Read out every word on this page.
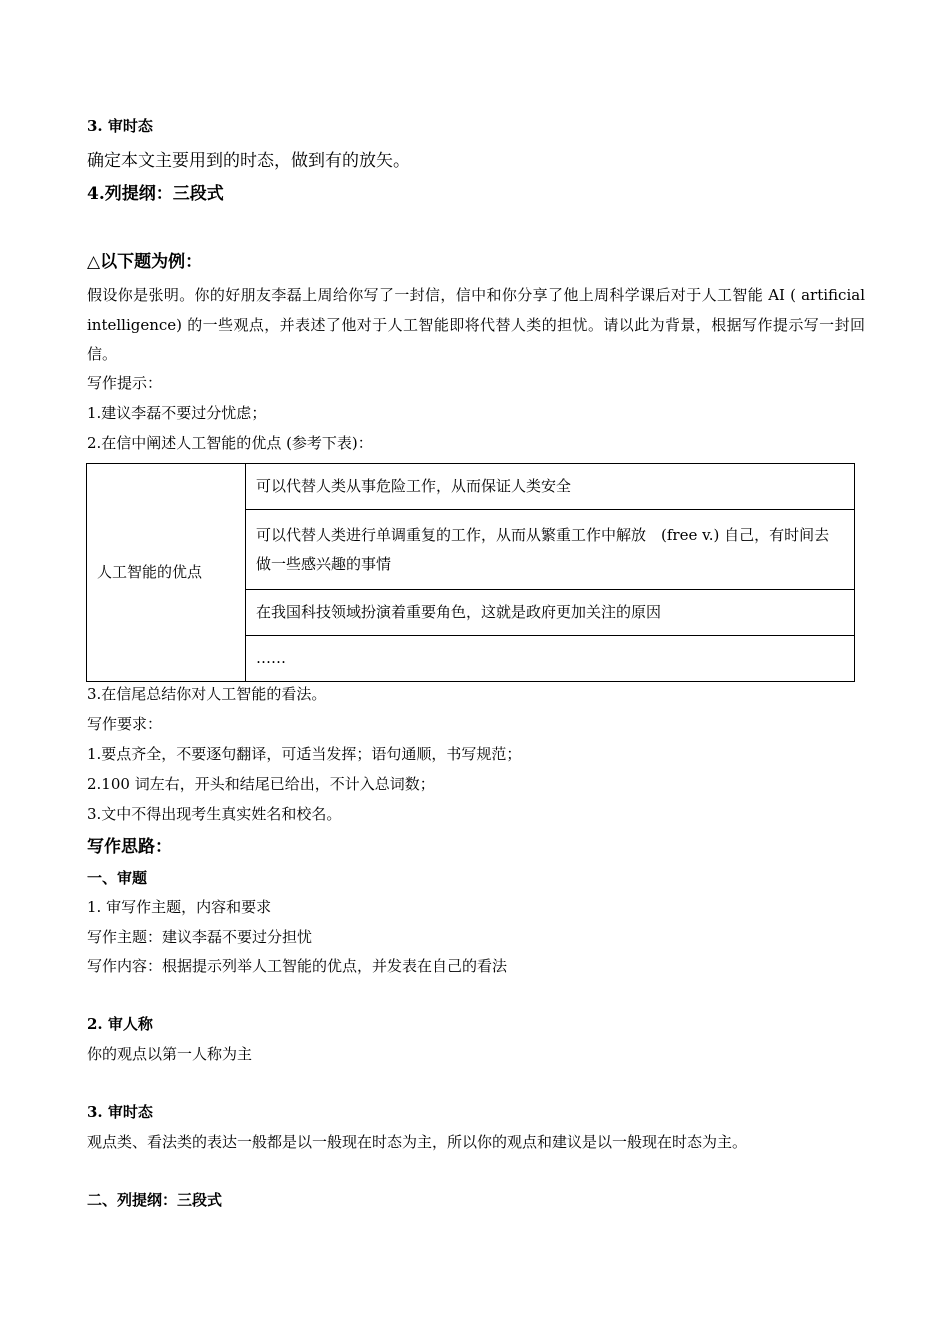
3. 审时态
确定本文主要用到的时态，做到有的放矢。
4.列提纲：三段式
△以下题为例：
假设你是张明。你的好朋友李磊上周给你写了一封信，信中和你分享了他上周科学课后对于人工智能 AI ( artificial intelligence) 的一些观点，并表述了他对于人工智能即将代替人类的担忧。请以此为背景，根据写作提示写一封回信。
写作提示：
1.建议李磊不要过分忧虑；
2.在信中阐述人工智能的优点 (参考下表)：
人工智能的优点	可以代替人类从事危险工作，从而保证人类安全
可以代替人类进行单调重复的工作，从而从繁重工作中解放　(free v.) 自己，有时间去做一些感兴趣的事情
在我国科技领域扮演着重要角色，这就是政府更加关注的原因
……
3.在信尾总结你对人工智能的看法。
写作要求：
1.要点齐全，不要逐句翻译，可适当发挥；语句通顺，书写规范；
2.100 词左右，开头和结尾已给出，不计入总词数；
3.文中不得出现考生真实姓名和校名。
写作思路：
一、审题
1. 审写作主题，内容和要求
写作主题：建议李磊不要过分担忧
写作内容：根据提示列举人工智能的优点，并发表在自己的看法
2. 审人称
你的观点以第一人称为主
3. 审时态
观点类、看法类的表达一般都是以一般现在时态为主，所以你的观点和建议是以一般现在时态为主。
二、列提纲：三段式
